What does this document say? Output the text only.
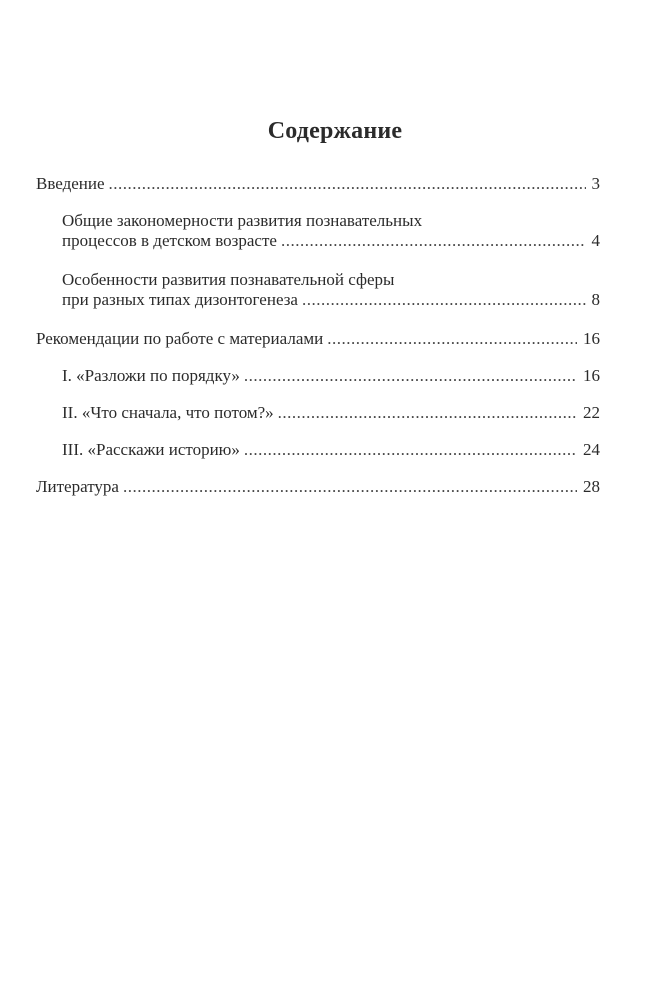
Содержание
Введение .....	3
Общие закономерности развития познавательных
процессов в детском возрасте .....	4
Особенности развития познавательной сферы
при разных типах дизонтогенеза .....	8
Рекомендации по работе с материалами .....	16
I. «Разложи по порядку» .....	16
II. «Что сначала, что потом?» .....	22
III. «Расскажи историю» .....	24
Литература .....	28
